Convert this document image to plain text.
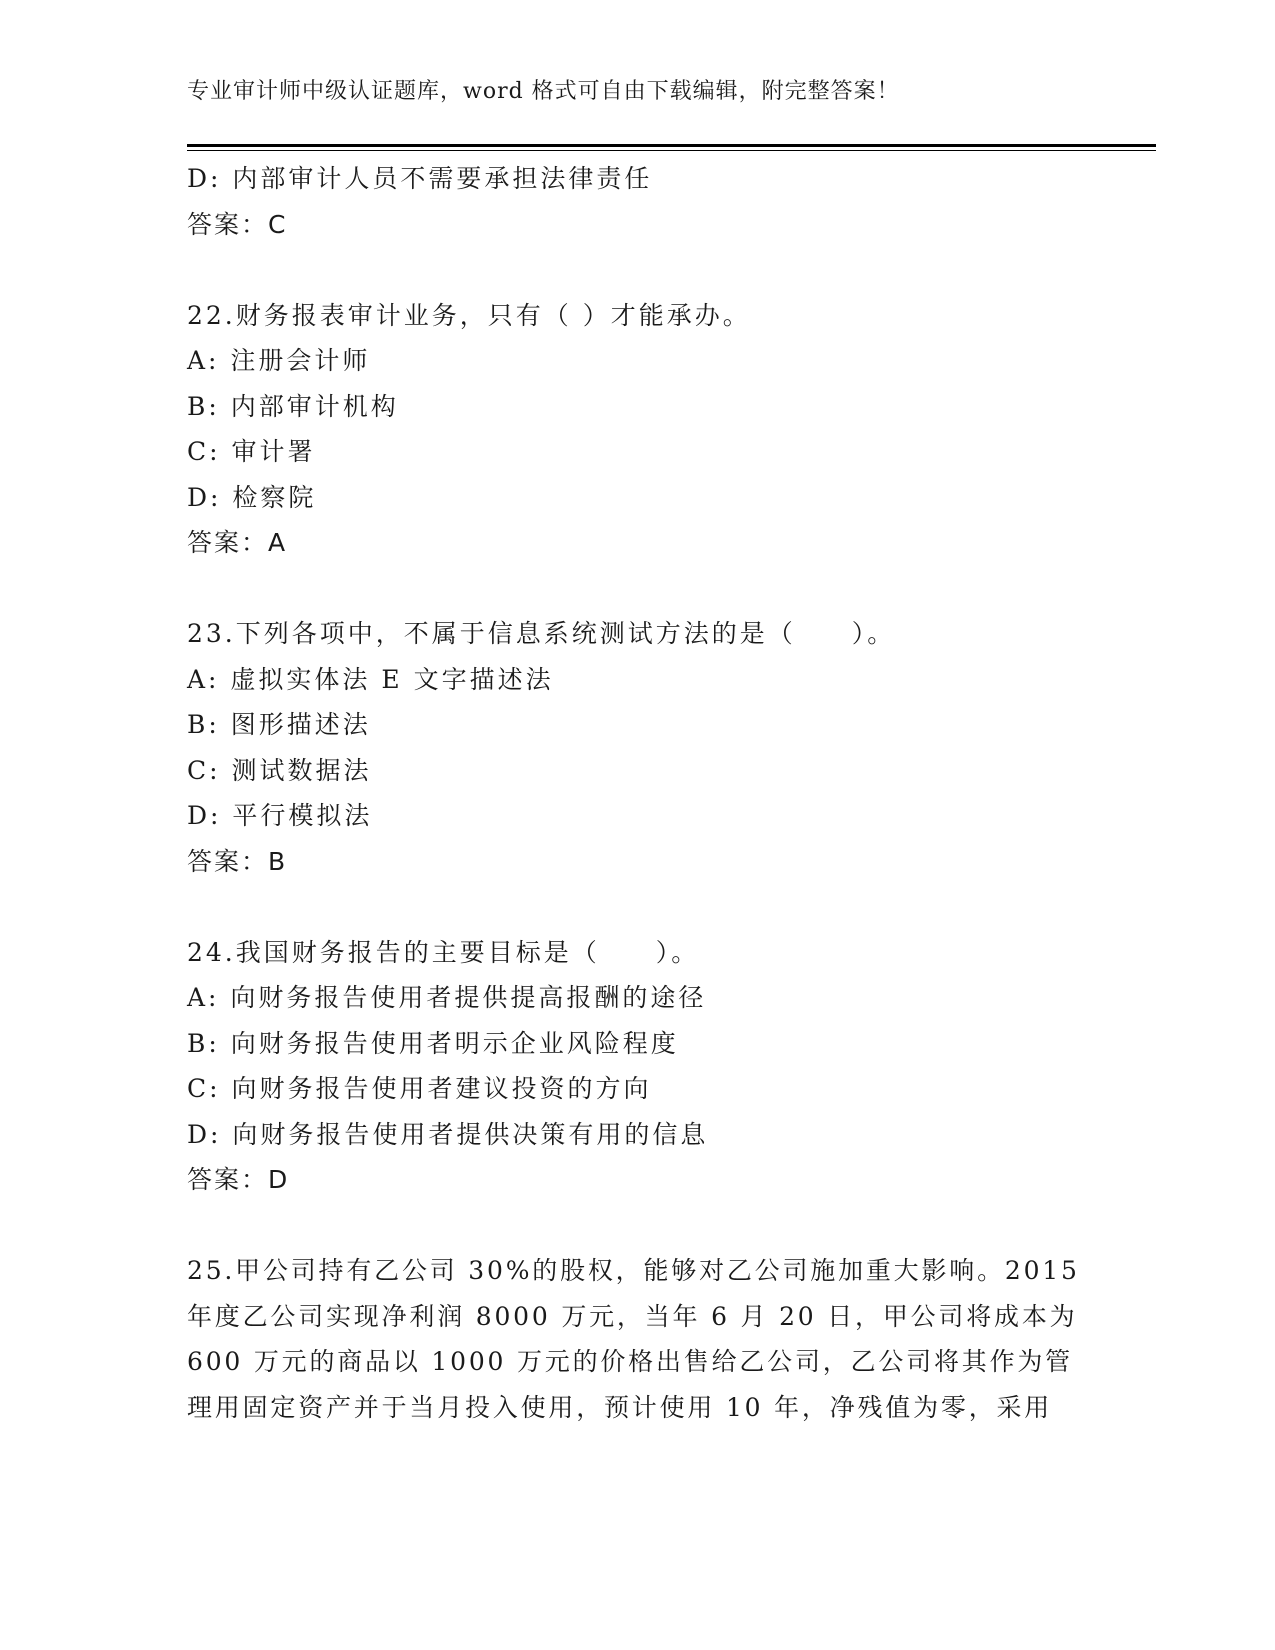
专业审计师中级认证题库，word 格式可自由下载编辑，附完整答案！
D: 内部审计人员不需要承担法律责任
答案：C
22.财务报表审计业务，只有（ ）才能承办。
A: 注册会计师
B: 内部审计机构
C: 审计署
D: 检察院
答案：A
23.下列各项中，不属于信息系统测试方法的是（　　）。
A: 虚拟实体法 E 文字描述法
B: 图形描述法
C: 测试数据法
D: 平行模拟法
答案：B
24.我国财务报告的主要目标是（　　）。
A: 向财务报告使用者提供提高报酬的途径
B: 向财务报告使用者明示企业风险程度
C: 向财务报告使用者建议投资的方向
D: 向财务报告使用者提供决策有用的信息
答案：D
25.甲公司持有乙公司 30%的股权，能够对乙公司施加重大影响。2015
年度乙公司实现净利润 8000 万元，当年 6 月 20 日，甲公司将成本为
600 万元的商品以 1000 万元的价格出售给乙公司，乙公司将其作为管
理用固定资产并于当月投入使用，预计使用 10 年，净残值为零，采用
